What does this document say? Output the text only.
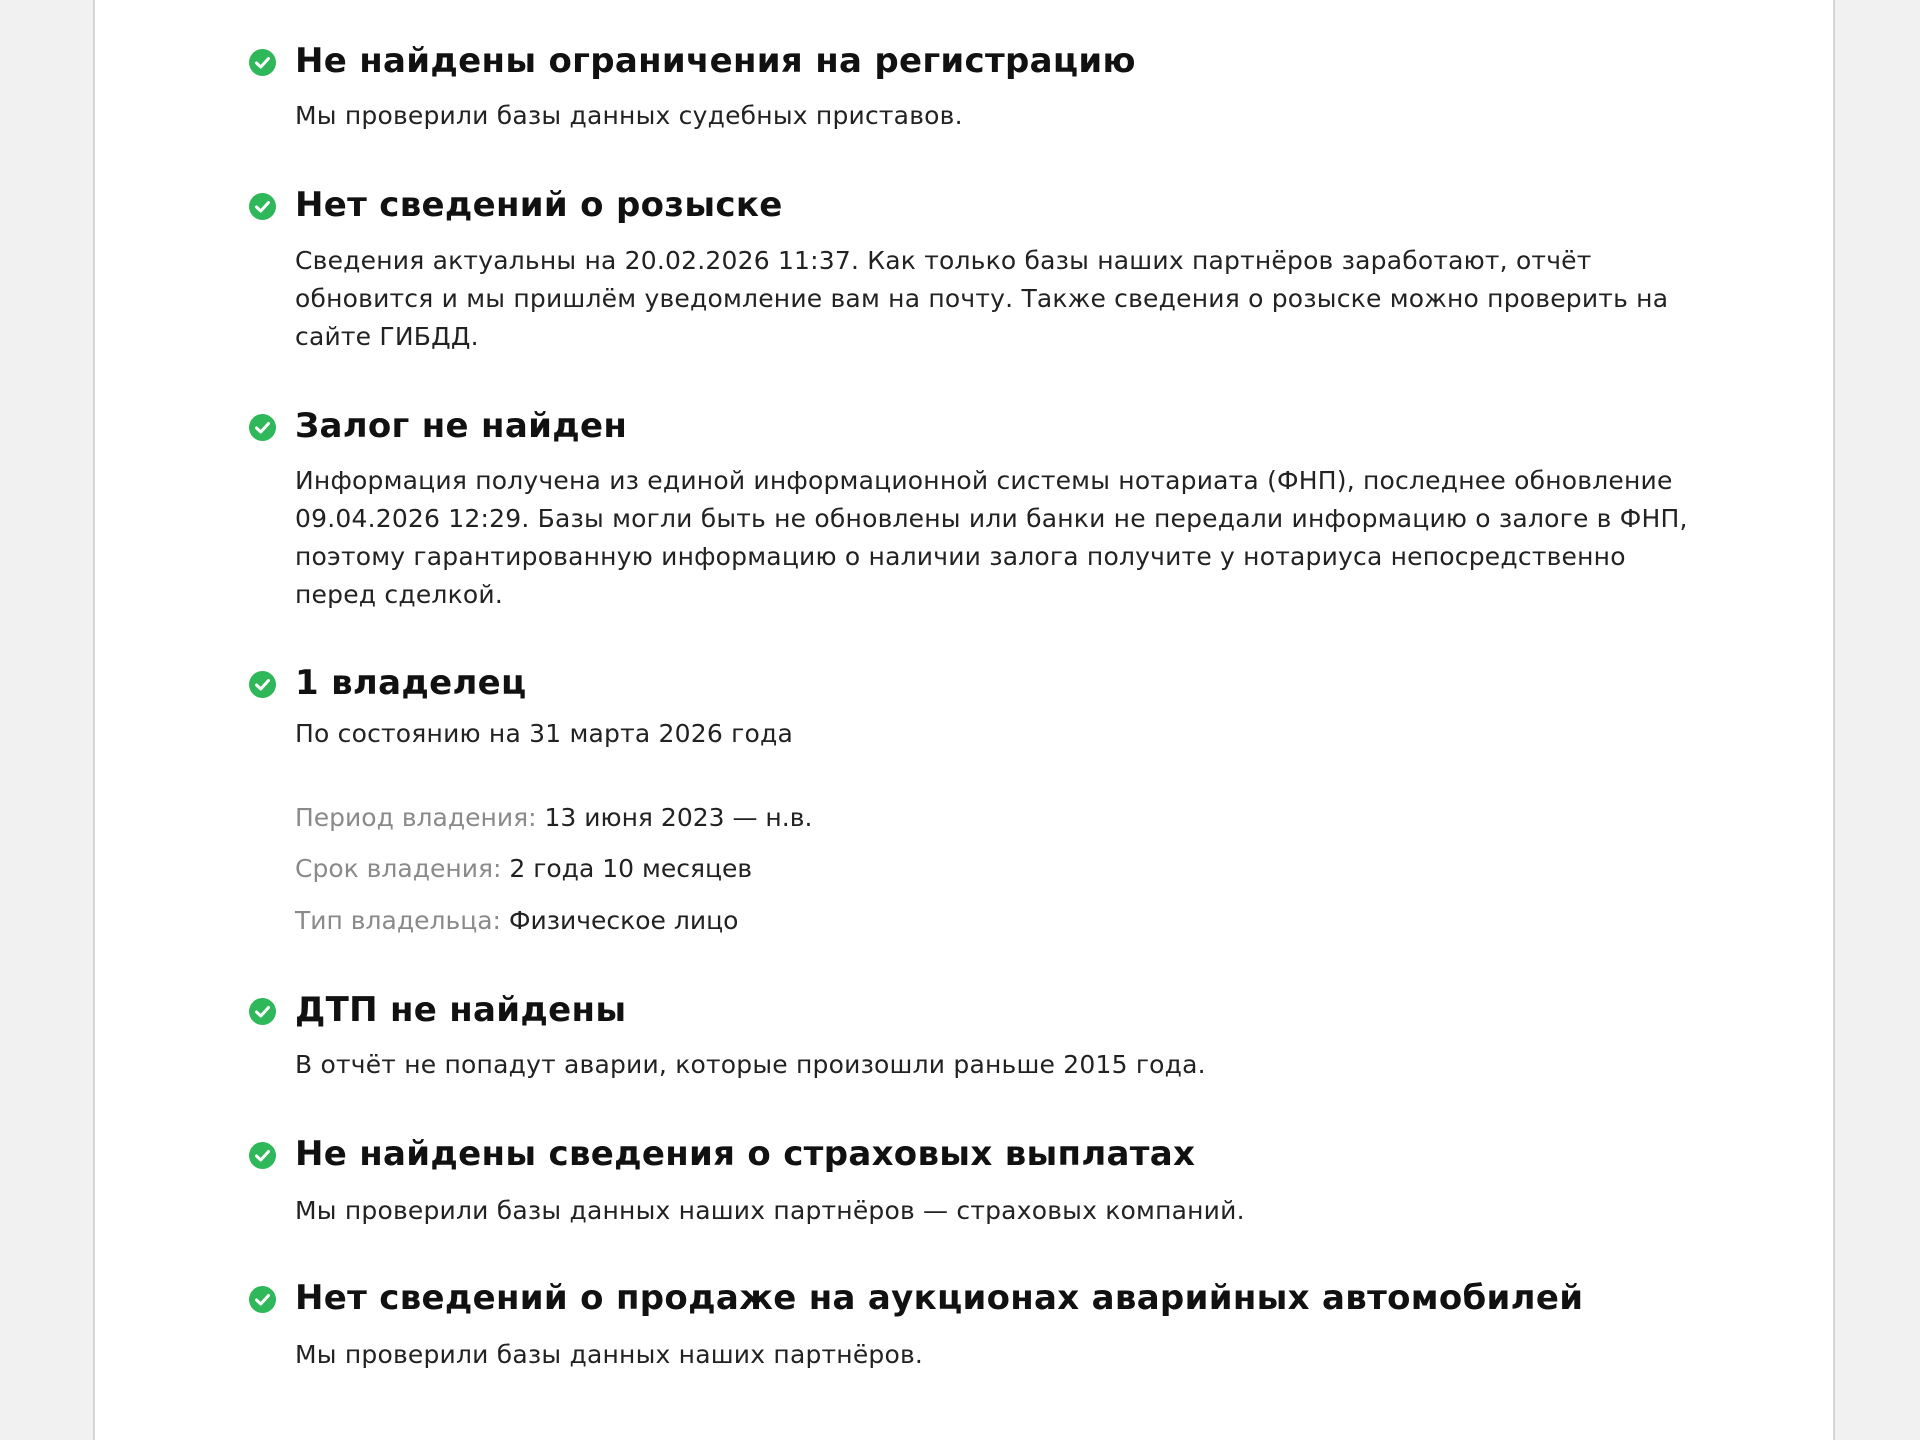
Не найдены ограничения на регистрацию
Мы проверили базы данных судебных приставов.
Нет сведений о розыске
Сведения актуальны на 20.02.2026 11:37. Как только базы наших партнёров заработают, отчёт обновится и мы пришлём уведомление вам на почту. Также сведения о розыске можно проверить на сайте ГИБДД.
Залог не найден
Информация получена из единой информационной системы нотариата (ФНП), последнее обновление 09.04.2026 12:29. Базы могли быть не обновлены или банки не передали информацию о залоге в ФНП, поэтому гарантированную информацию о наличии залога получите у нотариуса непосредственно перед сделкой.
1 владелец
По состоянию на 31 марта 2026 года
Период владения: 13 июня 2023 — н.в.
Срок владения: 2 года 10 месяцев
Тип владельца: Физическое лицо
ДТП не найдены
В отчёт не попадут аварии, которые произошли раньше 2015 года.
Не найдены сведения о страховых выплатах
Мы проверили базы данных наших партнёров — страховых компаний.
Нет сведений о продаже на аукционах аварийных автомобилей
Мы проверили базы данных наших партнёров.
